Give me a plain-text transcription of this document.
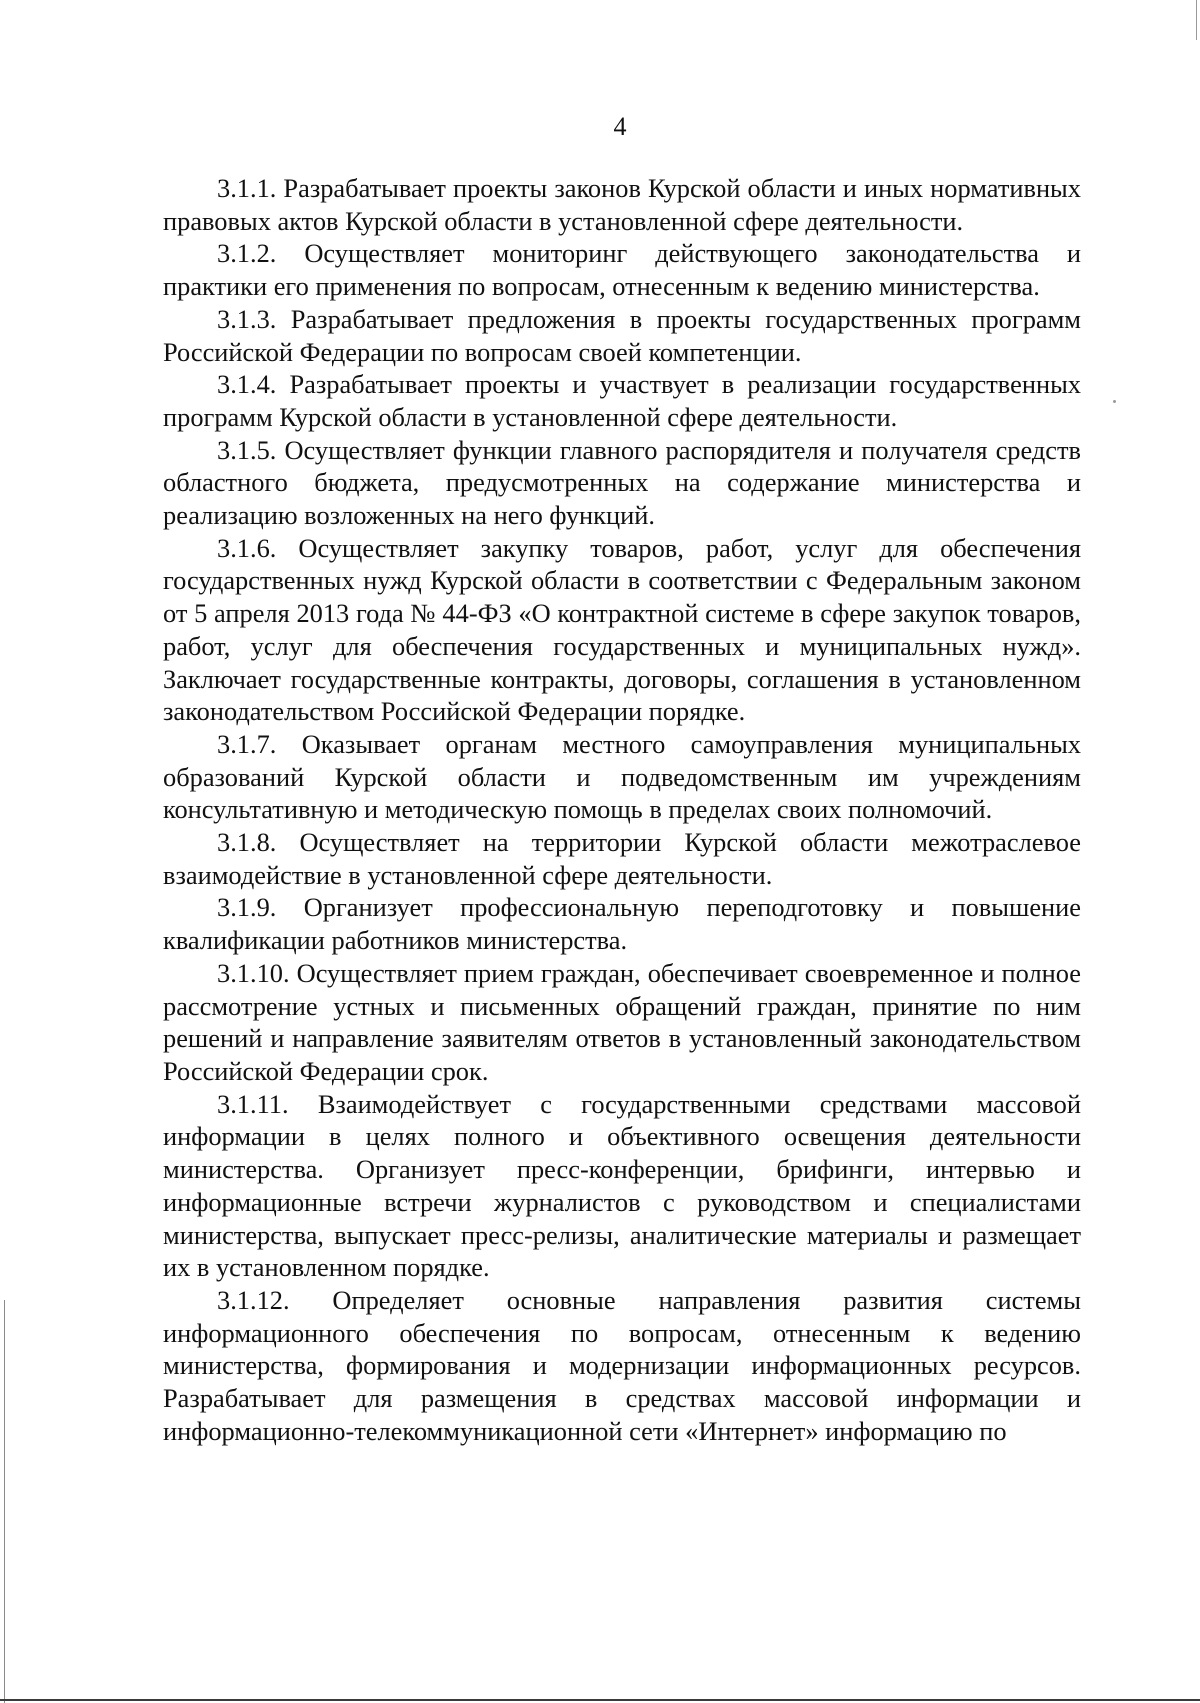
4

3.1.1. Разрабатывает проекты законов Курской области и иных нормативных правовых актов Курской области в установленной сфере деятельности.

3.1.2. Осуществляет мониторинг действующего законодательства и практики его применения по вопросам, отнесенным к ведению министерства.

3.1.3. Разрабатывает предложения в проекты государственных программ Российской Федерации по вопросам своей компетенции.

3.1.4. Разрабатывает проекты и участвует в реализации государственных программ Курской области в установленной сфере деятельности.

3.1.5. Осуществляет функции главного распорядителя и получателя средств областного бюджета, предусмотренных на содержание министерства и реализацию возложенных на него функций.

3.1.6. Осуществляет закупку товаров, работ, услуг для обеспечения государственных нужд Курской области в соответствии с Федеральным законом от 5 апреля 2013 года № 44-ФЗ «О контрактной системе в сфере закупок товаров, работ, услуг для обеспечения государственных и муниципальных нужд». Заключает государственные контракты, договоры, соглашения в установленном законодательством Российской Федерации порядке.

3.1.7. Оказывает органам местного самоуправления муниципальных образований Курской области и подведомственным им учреждениям консультативную и методическую помощь в пределах своих полномочий.

3.1.8. Осуществляет на территории Курской области межотраслевое взаимодействие в установленной сфере деятельности.

3.1.9. Организует профессиональную переподготовку и повышение квалификации работников министерства.

3.1.10. Осуществляет прием граждан, обеспечивает своевременное и полное рассмотрение устных и письменных обращений граждан, принятие по ним решений и направление заявителям ответов в установленный законодательством Российской Федерации срок.

3.1.11. Взаимодействует с государственными средствами массовой информации в целях полного и объективного освещения деятельности министерства. Организует пресс-конференции, брифинги, интервью и информационные встречи журналистов с руководством и специалистами министерства, выпускает пресс-релизы, аналитические материалы и размещает их в установленном порядке.

3.1.12. Определяет основные направления развития системы информационного обеспечения по вопросам, отнесенным к ведению министерства, формирования и модернизации информационных ресурсов. Разрабатывает для размещения в средствах массовой информации и информационно-телекоммуникационной сети «Интернет» информацию по
